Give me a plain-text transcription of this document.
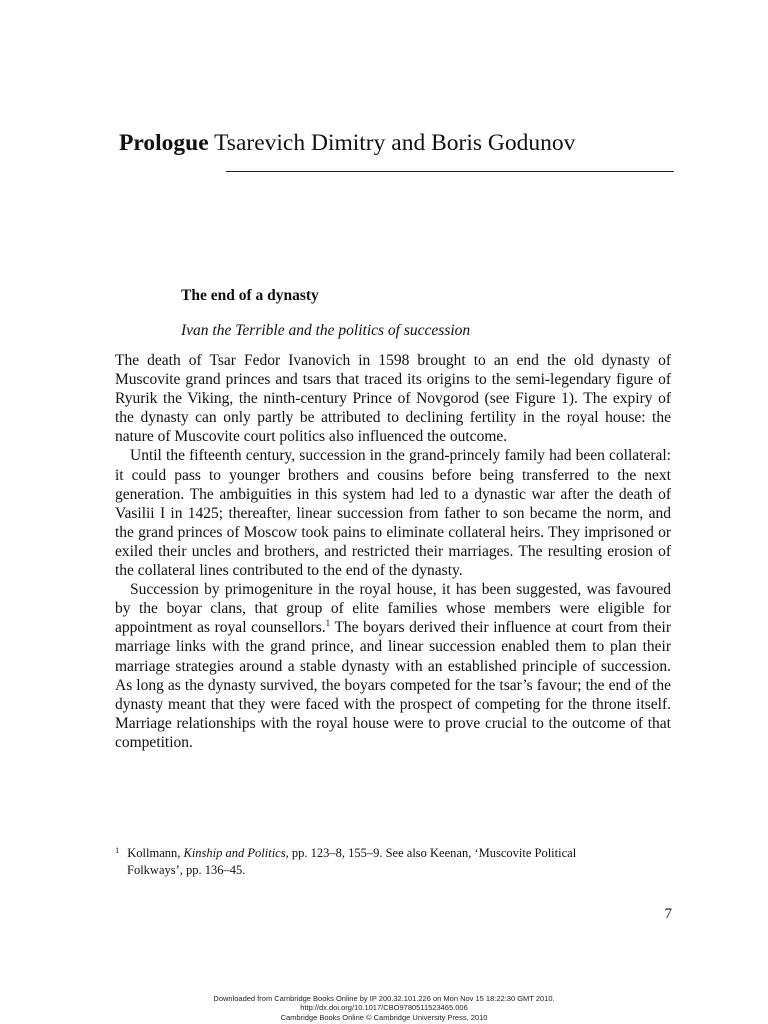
Prologue Tsarevich Dimitry and Boris Godunov
The end of a dynasty
Ivan the Terrible and the politics of succession

The death of Tsar Fedor Ivanovich in 1598 brought to an end the old dynasty of Muscovite grand princes and tsars that traced its origins to the semi-legendary figure of Ryurik the Viking, the ninth-century Prince of Novgorod (see Figure 1). The expiry of the dynasty can only partly be attributed to declining fertility in the royal house: the nature of Muscovite court politics also influenced the outcome.

Until the fifteenth century, succession in the grand-princely family had been collateral: it could pass to younger brothers and cousins before being transferred to the next generation. The ambiguities in this system had led to a dynastic war after the death of Vasilii I in 1425; thereafter, linear succession from father to son became the norm, and the grand princes of Moscow took pains to eliminate collateral heirs. They imprisoned or exiled their uncles and brothers, and restricted their marriages. The resulting erosion of the collateral lines contributed to the end of the dynasty.

Succession by primogeniture in the royal house, it has been suggested, was favoured by the boyar clans, that group of elite families whose members were eligible for appointment as royal counsellors.$^1$ The boyars derived their influence at court from their marriage links with the grand prince, and linear succession enabled them to plan their marriage strategies around a stable dynasty with an established principle of succession. As long as the dynasty survived, the boyars competed for the tsar’s favour; the end of the dynasty meant that they were faced with the prospect of competing for the throne itself. Marriage relationships with the royal house were to prove crucial to the outcome of that competition.

$^1$ Kollmann, Kinship and Politics, pp. 123–8, 155–9. See also Keenan, ‘Muscovite Political
Folkways’, pp. 136–45.
7
Downloaded from Cambridge Books Online by IP 200.32.101.226 on Mon Nov 15 18:22:30 GMT 2010.
http://dx.doi.org/10.1017/CBO9780511523465.006
Cambridge Books Online © Cambridge University Press, 2010
